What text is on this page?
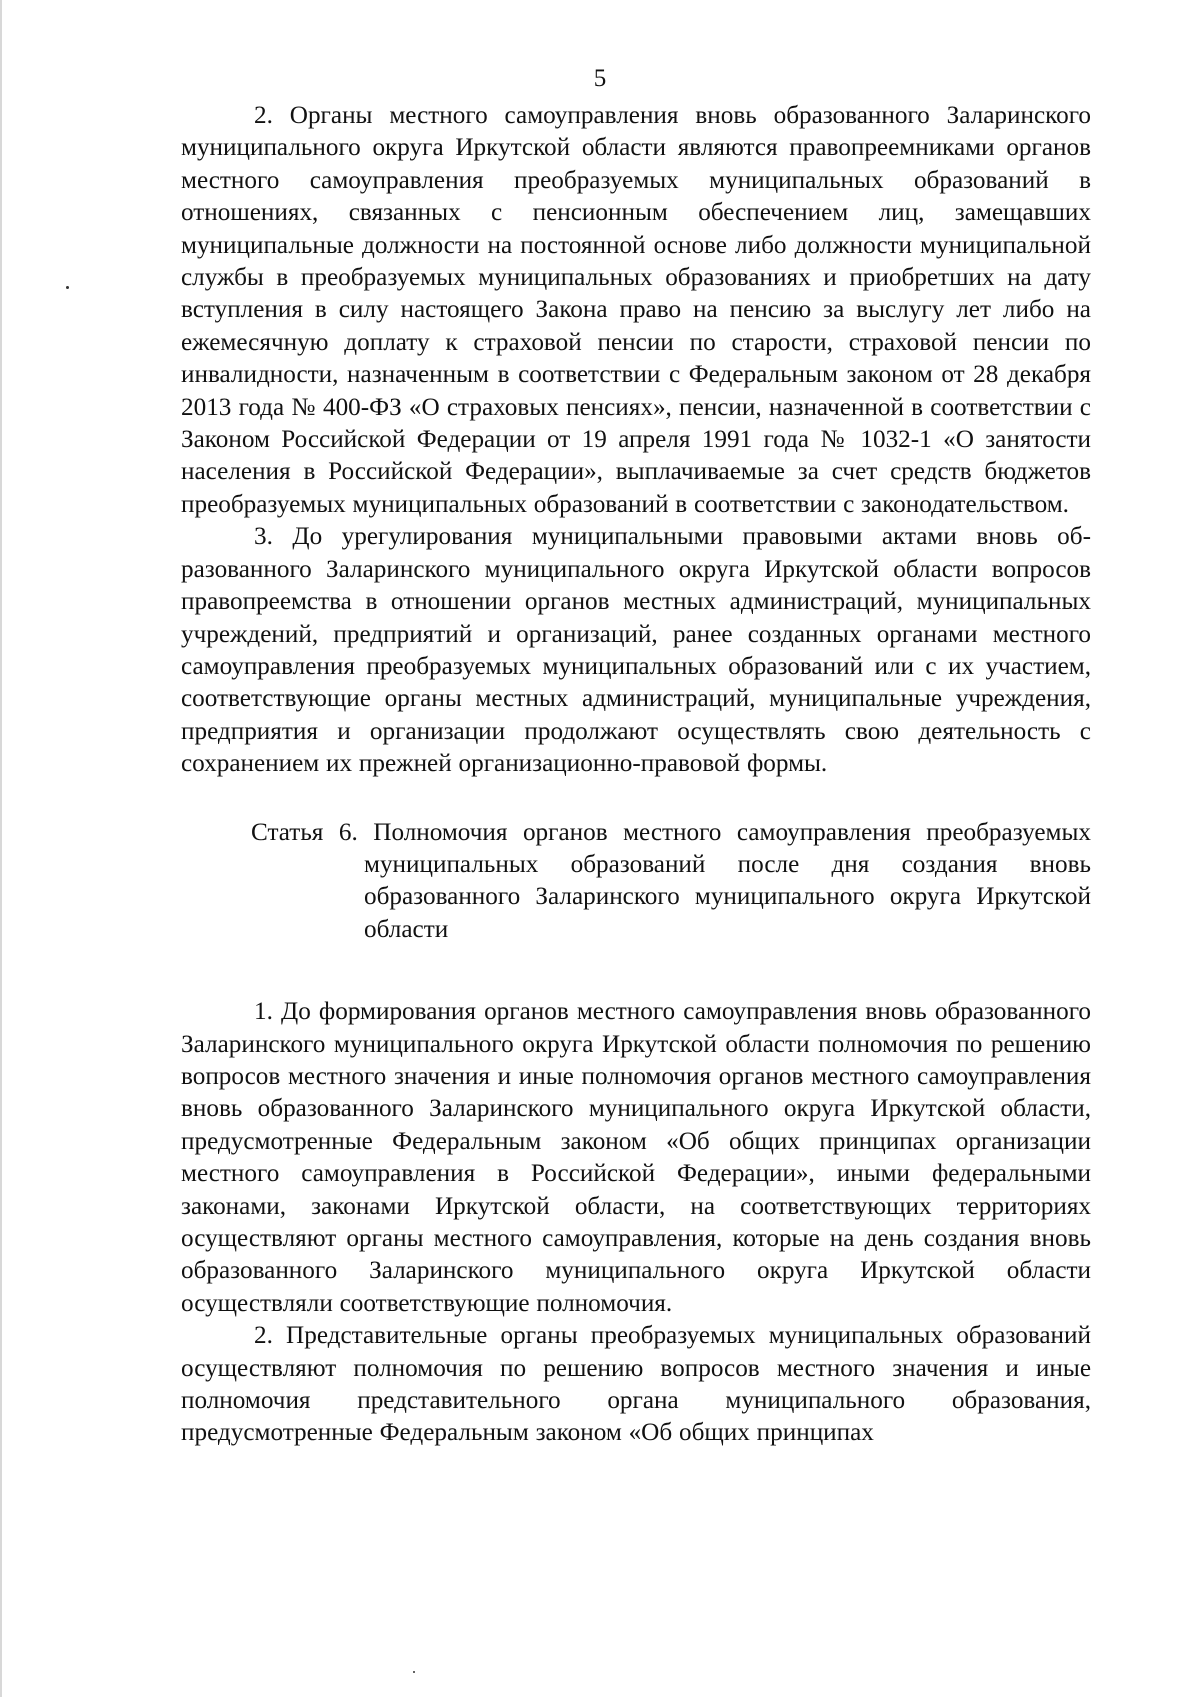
5

2. Органы местного самоуправления вновь образованного Заларинского муниципального округа Иркутской области являются правопреемниками органов местного самоуправления преобразуемых муниципальных образований в отношениях, связанных с пенсионным обеспечением лиц, замещавших муниципальные должности на постоянной основе либо должности муниципальной службы в преобразуемых муниципальных образованиях и приобретших на дату вступления в силу настоящего Закона право на пенсию за выслугу лет либо на ежемесячную доплату к страховой пенсии по старости, страховой пенсии по инвалидности, назначенным в соответствии с Федеральным законом от 28 декабря 2013 года № 400-ФЗ «О страховых пенсиях», пенсии, назначенной в соответствии с Законом Российской Федерации от 19 апреля 1991 года № 1032-1 «О занятости населения в Российской Федерации», выплачиваемые за счет средств бюджетов преобразуемых муниципальных образований в соответствии с законодательством.

3. До урегулирования муниципальными правовыми актами вновь образованного Заларинского муниципального округа Иркутской области вопросов правопреемства в отношении органов местных администраций, муниципальных учреждений, предприятий и организаций, ранее созданных органами местного самоуправления преобразуемых муниципальных образований или с их участием, соответствующие органы местных администраций, муниципальные учреждения, предприятия и организации продолжают осуществлять свою деятельность с сохранением их прежней организационно-правовой формы.

Статья 6. Полномочия органов местного самоуправления преобразуемых муниципальных образований после дня создания вновь образованного Заларинского муниципального округа Иркутской области

1. До формирования органов местного самоуправления вновь образованного Заларинского муниципального округа Иркутской области полномочия по решению вопросов местного значения и иные полномочия органов местного самоуправления вновь образованного Заларинского муниципального округа Иркутской области, предусмотренные Федеральным законом «Об общих принципах организации местного самоуправления в Российской Федерации», иными федеральными законами, законами Иркутской области, на соответствующих территориях осуществляют органы местного самоуправления, которые на день создания вновь образованного Заларинского муниципального округа Иркутской области осуществляли соответствующие полномочия.

2. Представительные органы преобразуемых муниципальных образований осуществляют полномочия по решению вопросов местного значения и иные полномочия представительного органа муниципального образования, предусмотренные Федеральным законом «Об общих принципах
